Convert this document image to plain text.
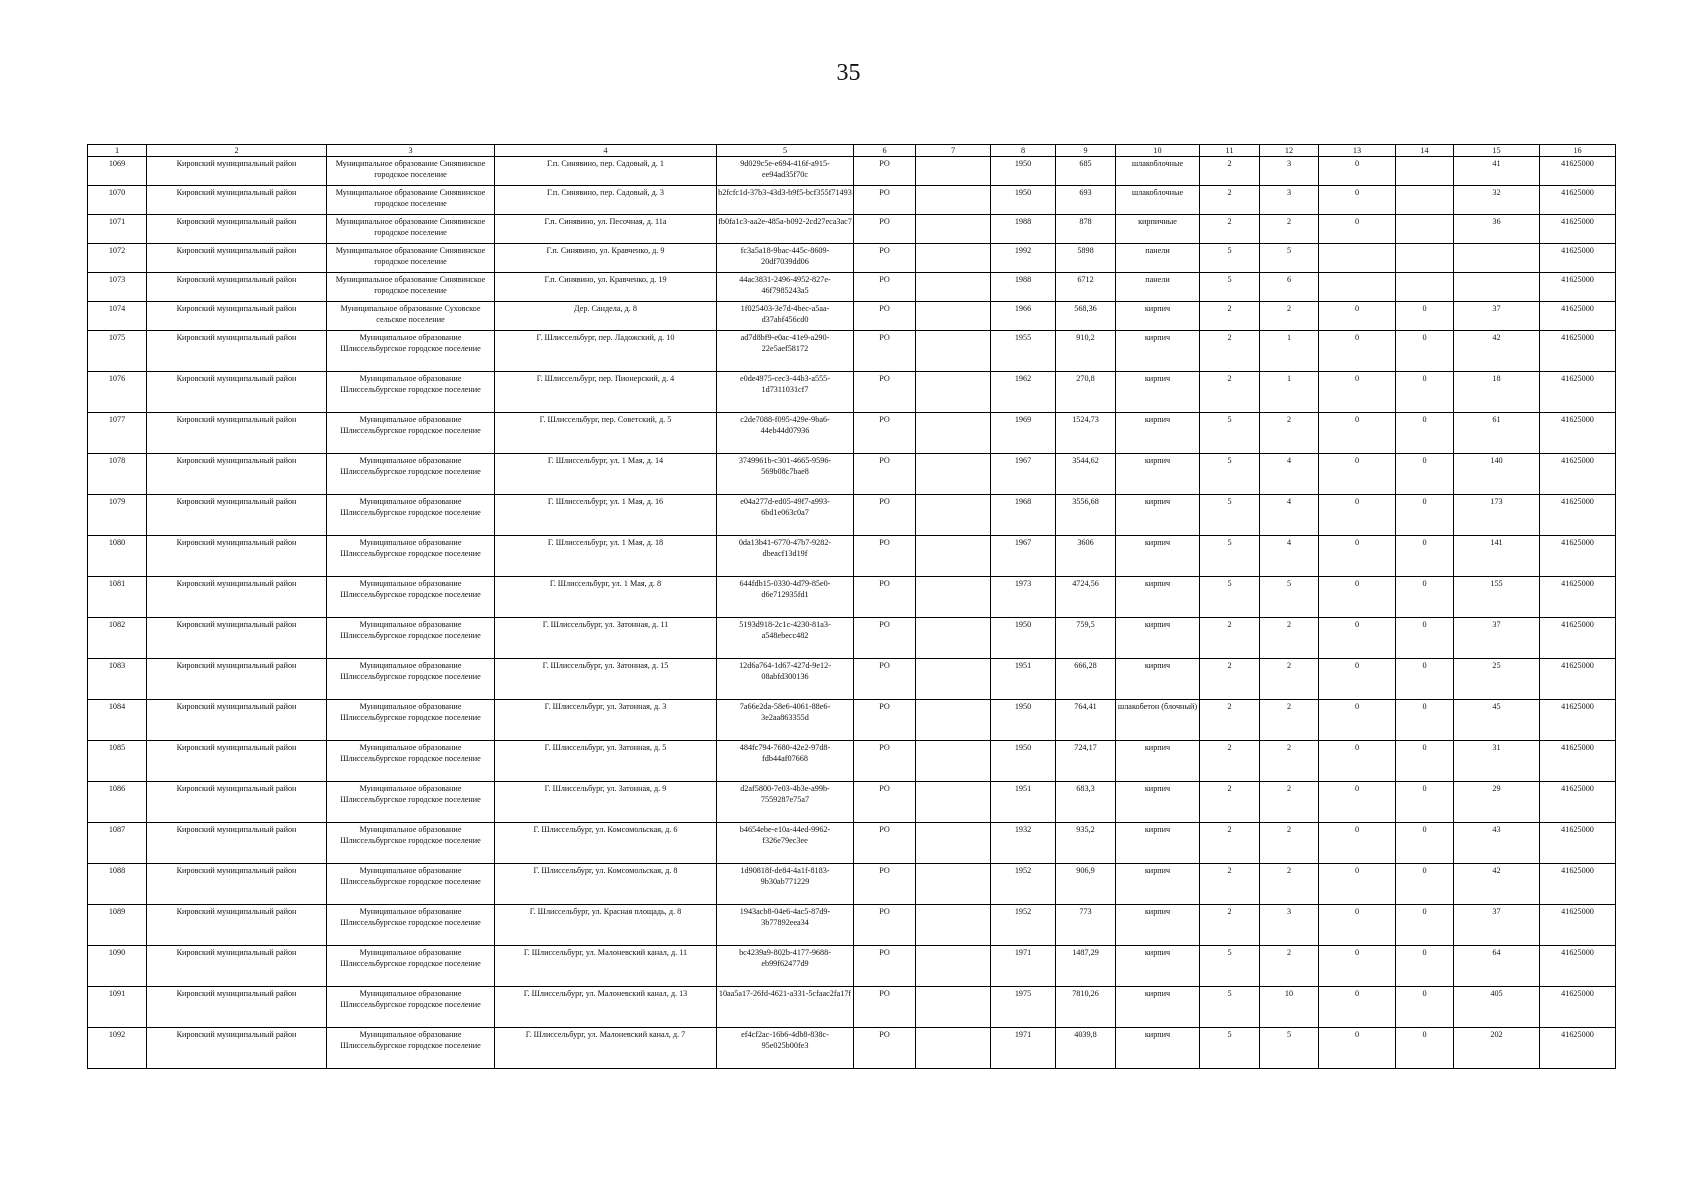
35
1	2	3	4	5	6	7	8	9	10	11	12	13	14	15	16
1069	Кировский муниципальный район	Муниципальное образование Синявинское городское поселение	Г.п. Синявино, пер. Садовый, д. 1	9d029c5e-e694-416f-a915-ee94ad35f70c	РО		1950	685	шлакоблочные	2	3	0		41	41625000
1070	Кировский муниципальный район	Муниципальное образование Синявинское городское поселение	Г.п. Синявино, пер. Садовый, д. 3	b2fcfc1d-37b3-43d3-b9f5-bcf355f71493	РО		1950	693	шлакоблочные	2	3	0		32	41625000
1071	Кировский муниципальный район	Муниципальное образование Синявинское городское поселение	Г.п. Синявино, ул. Песочная, д. 11а	fb0fa1c3-aa2e-485a-b092-2cd27eca3ac7	РО		1988	878	кирпичные	2	2	0		36	41625000
1072	Кировский муниципальный район	Муниципальное образование Синявинское городское поселение	Г.п. Синявино, ул. Кравченко, д. 9	fc3a5a18-9bac-445c-8609-20df7039dd06	РО		1992	5898	панели	5	5				41625000
1073	Кировский муниципальный район	Муниципальное образование Синявинское городское поселение	Г.п. Синявино, ул. Кравченко, д. 19	44ac3831-2496-4952-827e-46f7985243a5	РО		1988	6712	панели	5	6				41625000
1074	Кировский муниципальный район	Муниципальное образование Суховское сельское поселение	Дер. Сандела, д. 8	1f025403-3e7d-4bec-a5aa-d37abf456cd0	РО		1966	568,36	кирпич	2	2	0	0	37	41625000
1075	Кировский муниципальный район	Муниципальное образование Шлиссельбургское городское поселение	Г. Шлиссельбург, пер. Ладожский, д. 10	ad7d8bf9-e0ac-41e9-a290-22e5aef58172	РО		1955	910,2	кирпич	2	1	0	0	42	41625000
1076	Кировский муниципальный район	Муниципальное образование Шлиссельбургское городское поселение	Г. Шлиссельбург, пер. Пионерский, д. 4	e0de4975-cec3-44b3-a555-1d7311031cf7	РО		1962	270,8	кирпич	2	1	0	0	18	41625000
1077	Кировский муниципальный район	Муниципальное образование Шлиссельбургское городское поселение	Г. Шлиссельбург, пер. Советский, д. 5	c2de7088-f095-429e-9ba6-44eb44d07936	РО		1969	1524,73	кирпич	5	2	0	0	61	41625000
1078	Кировский муниципальный район	Муниципальное образование Шлиссельбургское городское поселение	Г. Шлиссельбург, ул. 1 Мая, д. 14	3749961b-c301-4665-9596-569b08c7bae8	РО		1967	3544,62	кирпич	5	4	0	0	140	41625000
1079	Кировский муниципальный район	Муниципальное образование Шлиссельбургское городское поселение	Г. Шлиссельбург, ул. 1 Мая, д. 16	e04a277d-ed05-49f7-a993-6bd1e063c0a7	РО		1968	3556,68	кирпич	5	4	0	0	173	41625000
1080	Кировский муниципальный район	Муниципальное образование Шлиссельбургское городское поселение	Г. Шлиссельбург, ул. 1 Мая, д. 18	0da13b41-6770-47b7-9282-dbeacf13d19f	РО		1967	3606	кирпич	5	4	0	0	141	41625000
1081	Кировский муниципальный район	Муниципальное образование Шлиссельбургское городское поселение	Г. Шлиссельбург, ул. 1 Мая, д. 8	644fdb15-0330-4d79-85e0-d6e712935fd1	РО		1973	4724,56	кирпич	5	5	0	0	155	41625000
1082	Кировский муниципальный район	Муниципальное образование Шлиссельбургское городское поселение	Г. Шлиссельбург, ул. Затонная, д. 11	5193d918-2c1c-4230-81a3-a548ebecc482	РО		1950	759,5	кирпич	2	2	0	0	37	41625000
1083	Кировский муниципальный район	Муниципальное образование Шлиссельбургское городское поселение	Г. Шлиссельбург, ул. Затонная, д. 15	12d6a764-1d67-427d-9e12-08abfd300136	РО		1951	666,28	кирпич	2	2	0	0	25	41625000
1084	Кировский муниципальный район	Муниципальное образование Шлиссельбургское городское поселение	Г. Шлиссельбург, ул. Затонная, д. 3	7a66e2da-58e6-4061-88e6-3e2aa863355d	РО		1950	764,41	шлакобетон (блочный)	2	2	0	0	45	41625000
1085	Кировский муниципальный район	Муниципальное образование Шлиссельбургское городское поселение	Г. Шлиссельбург, ул. Затонная, д. 5	484fc794-7680-42e2-97d8-fdb44af07668	РО		1950	724,17	кирпич	2	2	0	0	31	41625000
1086	Кировский муниципальный район	Муниципальное образование Шлиссельбургское городское поселение	Г. Шлиссельбург, ул. Затонная, д. 9	d2af5800-7e03-4b3e-a99b-7559287e75a7	РО		1951	683,3	кирпич	2	2	0	0	29	41625000
1087	Кировский муниципальный район	Муниципальное образование Шлиссельбургское городское поселение	Г. Шлиссельбург, ул. Комсомольская, д. 6	b4654ebe-e10a-44ed-9962-f326e79ec3ee	РО		1932	935,2	кирпич	2	2	0	0	43	41625000
1088	Кировский муниципальный район	Муниципальное образование Шлиссельбургское городское поселение	Г. Шлиссельбург, ул. Комсомольская, д. 8	1d90818f-de84-4a1f-8183-9b30ab771229	РО		1952	906,9	кирпич	2	2	0	0	42	41625000
1089	Кировский муниципальный район	Муниципальное образование Шлиссельбургское городское поселение	Г. Шлиссельбург, ул. Красная площадь, д. 8	1943acb8-04e6-4ac5-87d9-3b77892eea34	РО		1952	773	кирпич	2	3	0	0	37	41625000
1090	Кировский муниципальный район	Муниципальное образование Шлиссельбургское городское поселение	Г. Шлиссельбург, ул. Малоневский канал, д. 11	bc4239a9-802b-4177-9688-eb99f62477d9	РО		1971	1487,29	кирпич	5	2	0	0	64	41625000
1091	Кировский муниципальный район	Муниципальное образование Шлиссельбургское городское поселение	Г. Шлиссельбург, ул. Малоневский канал, д. 13	10aa5a17-26fd-4621-a331-5cfaac2fa17f	РО		1975	7810,26	кирпич	5	10	0	0	405	41625000
1092	Кировский муниципальный район	Муниципальное образование Шлиссельбургское городское поселение	Г. Шлиссельбург, ул. Малоневский канал, д. 7	ef4cf2ac-16b6-4db8-838c-95e025b00fe3	РО		1971	4039,8	кирпич	5	5	0	0	202	41625000
